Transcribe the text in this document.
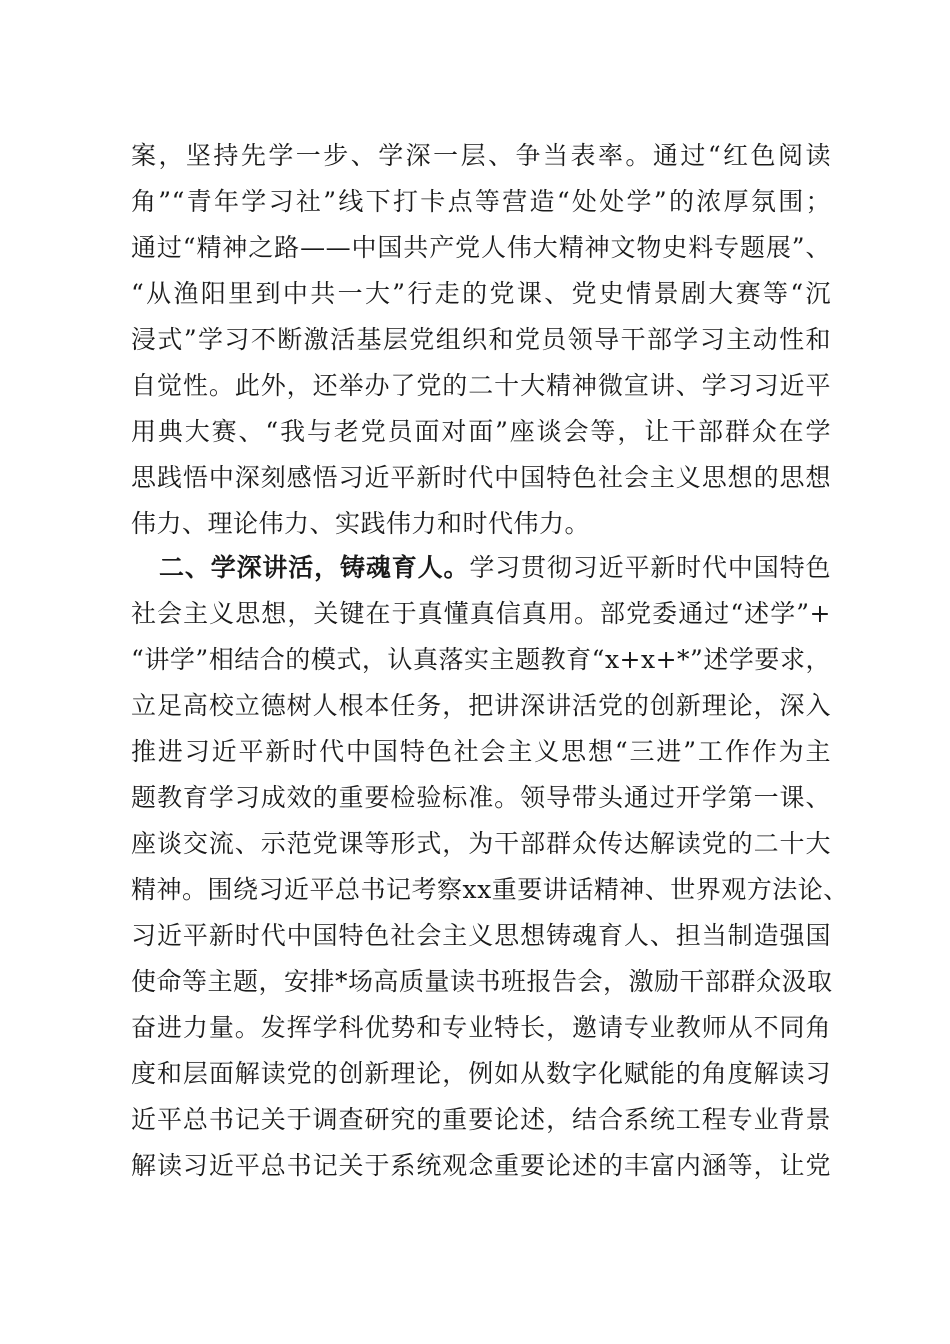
案，坚持先学一步、学深一层、争当表率。通过“红色阅读
角”“青年学习社”线下打卡点等营造“处处学”的浓厚氛围；
通过“精神之路——中国共产党人伟大精神文物史料专题展”、
“从渔阳里到中共一大”行走的党课、党史情景剧大赛等“沉
浸式”学习不断激活基层党组织和党员领导干部学习主动性和
自觉性。此外，还举办了党的二十大精神微宣讲、学习习近平
用典大赛、“我与老党员面对面”座谈会等，让干部群众在学
思践悟中深刻感悟习近平新时代中国特色社会主义思想的思想
伟力、理论伟力、实践伟力和时代伟力。
二、学深讲活，铸魂育人。学习贯彻习近平新时代中国特色
社会主义思想，关键在于真懂真信真用。部党委通过“述学”+
“讲学”相结合的模式，认真落实主题教育“x+x+*”述学要求，
立足高校立德树人根本任务，把讲深讲活党的创新理论，深入
推进习近平新时代中国特色社会主义思想“三进”工作作为主
题教育学习成效的重要检验标准。领导带头通过开学第一课、
座谈交流、示范党课等形式，为干部群众传达解读党的二十大
精神。围绕习近平总书记考察xx重要讲话精神、世界观方法论、
习近平新时代中国特色社会主义思想铸魂育人、担当制造强国
使命等主题，安排*场高质量读书班报告会，激励干部群众汲取
奋进力量。发挥学科优势和专业特长，邀请专业教师从不同角
度和层面解读党的创新理论，例如从数字化赋能的角度解读习
近平总书记关于调查研究的重要论述，结合系统工程专业背景
解读习近平总书记关于系统观念重要论述的丰富内涵等，让党
